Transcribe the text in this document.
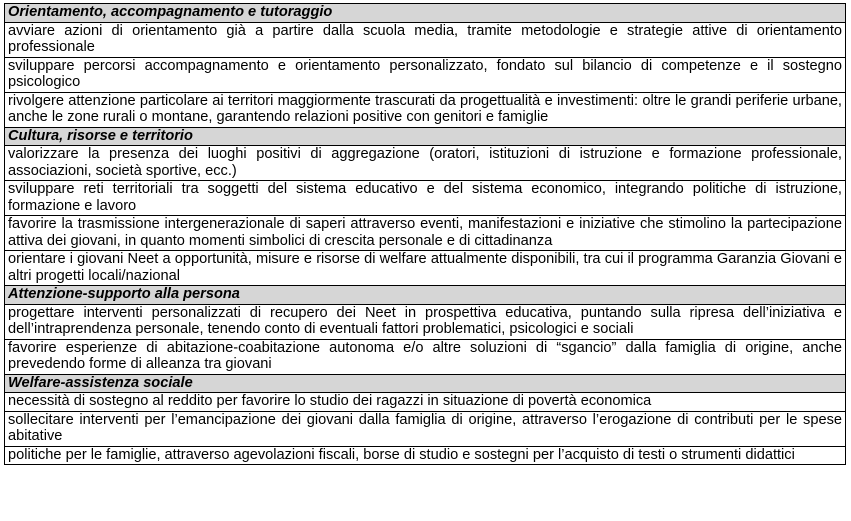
Orientamento, accompagnamento e tutoraggio
avviare azioni di orientamento già a partire dalla scuola media, tramite metodologie e strategie attive di orientamento professionale
sviluppare percorsi accompagnamento e orientamento personalizzato, fondato sul bilancio di competenze e il sostegno psicologico
rivolgere attenzione particolare ai territori maggiormente trascurati da progettualità e investimenti: oltre le grandi periferie urbane, anche le zone rurali o montane, garantendo relazioni positive con genitori e famiglie
Cultura, risorse e territorio
valorizzare la presenza dei luoghi positivi di aggregazione (oratori, istituzioni di istruzione e formazione professionale, associazioni, società sportive, ecc.)
sviluppare reti territoriali tra soggetti del sistema educativo e del sistema economico, integrando politiche di istruzione, formazione e lavoro
favorire la trasmissione intergenerazionale di saperi attraverso eventi, manifestazioni e iniziative che stimolino la partecipazione attiva dei giovani, in quanto momenti simbolici di crescita personale e di cittadinanza
orientare i giovani Neet a opportunità, misure e risorse di welfare attualmente disponibili, tra cui il programma Garanzia Giovani e altri progetti locali/nazional
Attenzione-supporto alla persona
progettare interventi personalizzati di recupero dei Neet in prospettiva educativa, puntando sulla ripresa dell’iniziativa e dell’intraprendenza personale, tenendo conto di eventuali fattori problematici, psicologici e sociali
favorire esperienze di abitazione-coabitazione autonoma e/o altre soluzioni di “sgancio” dalla famiglia di origine, anche prevedendo forme di alleanza tra giovani
Welfare-assistenza sociale
necessità di sostegno al reddito per favorire lo studio dei ragazzi in situazione di povertà economica
sollecitare interventi per l’emancipazione dei giovani dalla famiglia di origine, attraverso l’erogazione di contributi per le spese abitative
politiche per le famiglie, attraverso agevolazioni fiscali, borse di studio e sostegni per l’acquisto di testi o strumenti didattici
